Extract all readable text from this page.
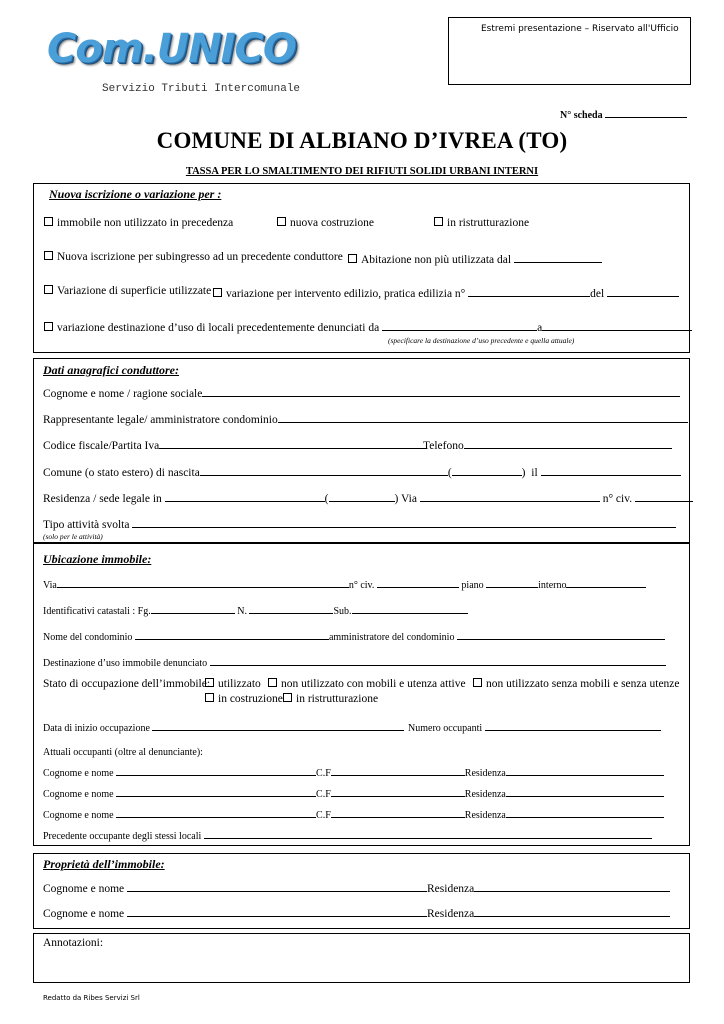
Com.UNICO
Servizio Tributi Intercomunale
Estremi presentazione – Riservato all'Ufficio
N° scheda
COMUNE DI ALBIANO D’IVREA (TO)
TASSA PER LO SMALTIMENTO DEI RIFIUTI SOLIDI URBANI INTERNI
Nuova iscrizione o variazione per :
immobile non utilizzato in precedenza	nuova costruzione	in ristrutturazione
Nuova iscrizione per subingresso ad un precedente conduttore	Abitazione non più utilizzata dal
Variazione di superficie utilizzate	variazione per intervento edilizio, pratica edilizia n°	del
variazione destinazione d’uso di locali precedentemente denunciati da	a
(specificare la destinazione d’uso precedente e quella attuale)
Dati anagrafici conduttore:
Cognome e nome / ragione sociale
Rappresentante legale/ amministratore condominio
Codice fiscale/Partita Iva	Telefono
Comune (o stato estero) di nascita	(	) il
Residenza / sede legale in	(	) Via	n° civ.
Tipo attività svolta
(solo per le attività)
Ubicazione immobile:
Via	n° civ.	piano	interno
Identificativi catastali : Fg.	N.	Sub.
Nome del condominio	amministratore del condominio
Destinazione d’uso immobile denunciato
Stato di occupazione dell’immobile: utilizzato	non utilizzato con mobili e utenza attive	non utilizzato senza mobili e senza utenze
in costruzione	in ristrutturazione
Data di inizio occupazione	Numero occupanti
Attuali occupanti (oltre al denunciante):
Cognome e nome	C.F	Residenza
Cognome e nome	C.F	Residenza
Cognome e nome	C.F	Residenza
Precedente occupante degli stessi locali
Proprietà dell’immobile:
Cognome e nome	Residenza
Cognome e nome	Residenza
Annotazioni:
Redatto da Ribes Servizi Srl
